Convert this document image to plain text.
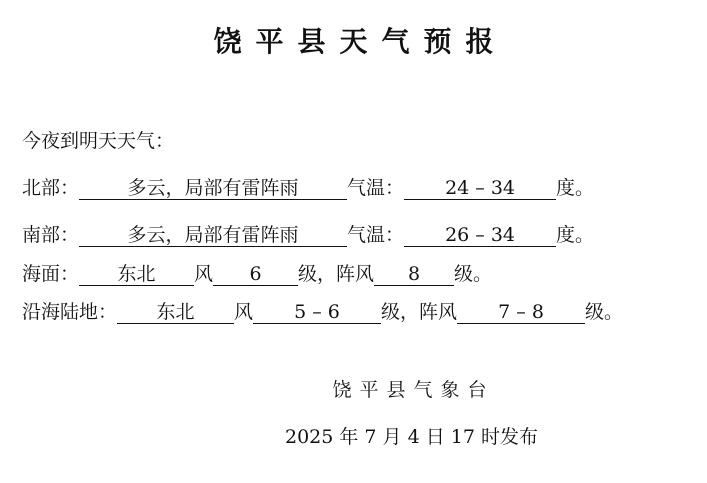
饶平县天气预报
今夜到明天天气：
北部：	多云，局部有雷阵雨	气温： 24 – 34 度。
南部：	多云，局部有雷阵雨	气温： 26 – 34 度。
海面： 东北 风 6 级，阵风 8 级。
沿海陆地： 东北 风 5 – 6 级，阵风 7 – 8 级。
饶平县气象台
2025 年 7 月 4 日 17 时发布
